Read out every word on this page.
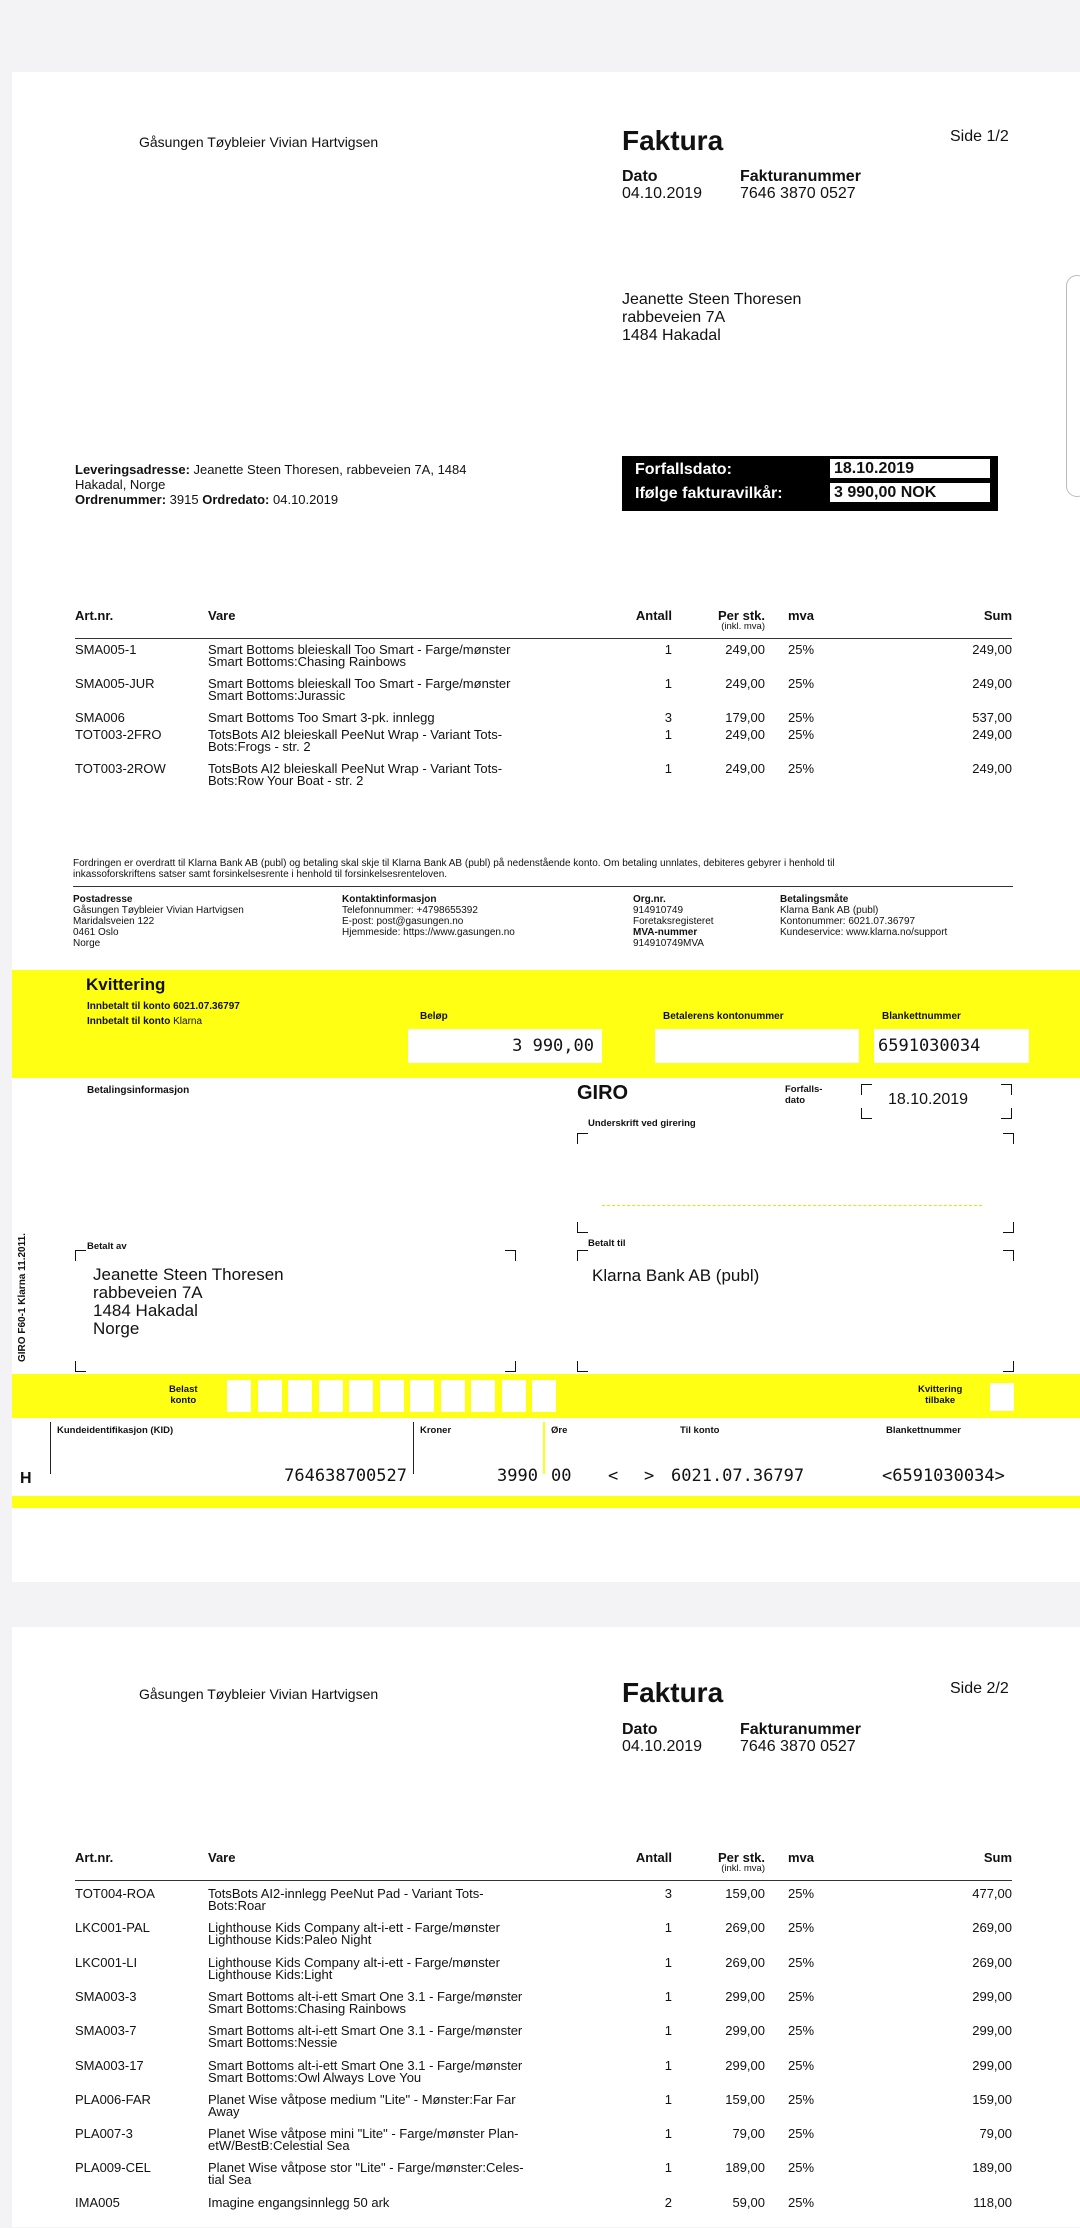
Gåsungen Tøybleier Vivian Hartvigsen	Faktura	Side 1/2
Dato
04.10.2019
Fakturanummer
7646 3870 0527
Jeanette Steen Thoresen
rabbeveien 7A
1484 Hakadal
Leveringsadresse: Jeanette Steen Thoresen, rabbeveien 7A, 1484
Hakadal, Norge
Ordrenummer: 3915 Ordredato: 04.10.2019
Forfallsdato:
Ifølge fakturavilkår:
18.10.2019
3 990,00 NOK
Art.nr.	Vare	Antall	Per stk.
(inkl. mva)
mva	Sum
SMA005-1	Smart Bottoms bleieskall Too Smart - Farge/mønster
Smart Bottoms:Chasing Rainbows
1	249,00 25%	249,00
SMA005-JUR	Smart Bottoms bleieskall Too Smart - Farge/mønster
Smart Bottoms:Jurassic
1	249,00 25%	249,00
SMA006	Smart Bottoms Too Smart 3-pk. innlegg	3	179,00 25%	537,00
TOT003-2FRO	TotsBots AI2 bleieskall PeeNut Wrap - Variant Tots-
Bots:Frogs - str. 2
1	249,00 25%	249,00
TOT003-2ROW	TotsBots AI2 bleieskall PeeNut Wrap - Variant Tots-
Bots:Row Your Boat - str. 2
1	249,00 25%	249,00
Fordringen er overdratt til Klarna Bank AB (publ) og betaling skal skje til Klarna Bank AB (publ) på nedenstående konto. Om betaling unnlates, debiteres gebyrer i henhold til
inkassoforskriftens satser samt forsinkelsesrente i henhold til forsinkelsesrenteloven.
Postadresse
Gåsungen Tøybleier Vivian Hartvigsen
Maridalsveien 122
0461 Oslo
Norge
Kontaktinformasjon
Telefonnummer: +4798655392
E-post: post@gasungen.no
Hjemmeside: https://www.gasungen.no
Org.nr.
914910749
Foretaksregisteret
MVA-nummer
914910749MVA
Betalingsmåte
Klarna Bank AB (publ)
Kontonummer: 6021.07.36797
Kundeservice: www.klarna.no/support
Kvittering
Innbetalt til konto 6021.07.36797
Innbetalt til konto Klarna	Beløp
3 990,00
Betalerens kontonummer	Blankettnummer
6591030034
Betalingsinformasjon	GIRO	Forfalls-
dato	18.10.2019
Underskrift ved girering
GIRO F60-1 Klarna 11.2011.	Betalt av
Jeanette Steen Thoresen
rabbeveien 7A
1484 Hakadal
Norge
Betalt til
Klarna Bank AB (publ)
Belast
konto
Kvittering
tilbake
Kundeidentifikasjon (KID)	Kroner	Øre	Til konto	Blankettnummer
H	764638700527	3990 00 < > 6021.07.36797	<6591030034>
Gåsungen Tøybleier Vivian Hartvigsen	Faktura	Side 2/2
Dato
04.10.2019
Fakturanummer
7646 3870 0527
Art.nr.	Vare	Antall	Per stk.
(inkl. mva)
mva	Sum
TOT004-ROA	TotsBots AI2-innlegg PeeNut Pad - Variant Tots-
Bots:Roar
3	159,00 25%	477,00
LKC001-PAL	Lighthouse Kids Company alt-i-ett - Farge/mønster
Lighthouse Kids:Paleo Night
1	269,00 25%	269,00
LKC001-LI	Lighthouse Kids Company alt-i-ett - Farge/mønster
Lighthouse Kids:Light
1	269,00 25%	269,00
SMA003-3	Smart Bottoms alt-i-ett Smart One 3.1 - Farge/mønster
Smart Bottoms:Chasing Rainbows
1	299,00 25%	299,00
SMA003-7	Smart Bottoms alt-i-ett Smart One 3.1 - Farge/mønster
Smart Bottoms:Nessie
1	299,00 25%	299,00
SMA003-17	Smart Bottoms alt-i-ett Smart One 3.1 - Farge/mønster
Smart Bottoms:Owl Always Love You
1	299,00 25%	299,00
PLA006-FAR	Planet Wise våtpose medium "Lite" - Mønster:Far Far
Away
1	159,00 25%	159,00
PLA007-3	Planet Wise våtpose mini "Lite" - Farge/mønster Plan-
etW/BestB:Celestial Sea
1	79,00 25%	79,00
PLA009-CEL	Planet Wise våtpose stor "Lite" - Farge/mønster:Celes-
tial Sea
1	189,00 25%	189,00
IMA005	Imagine engangsinnlegg 50 ark	2	59,00 25%	118,00
